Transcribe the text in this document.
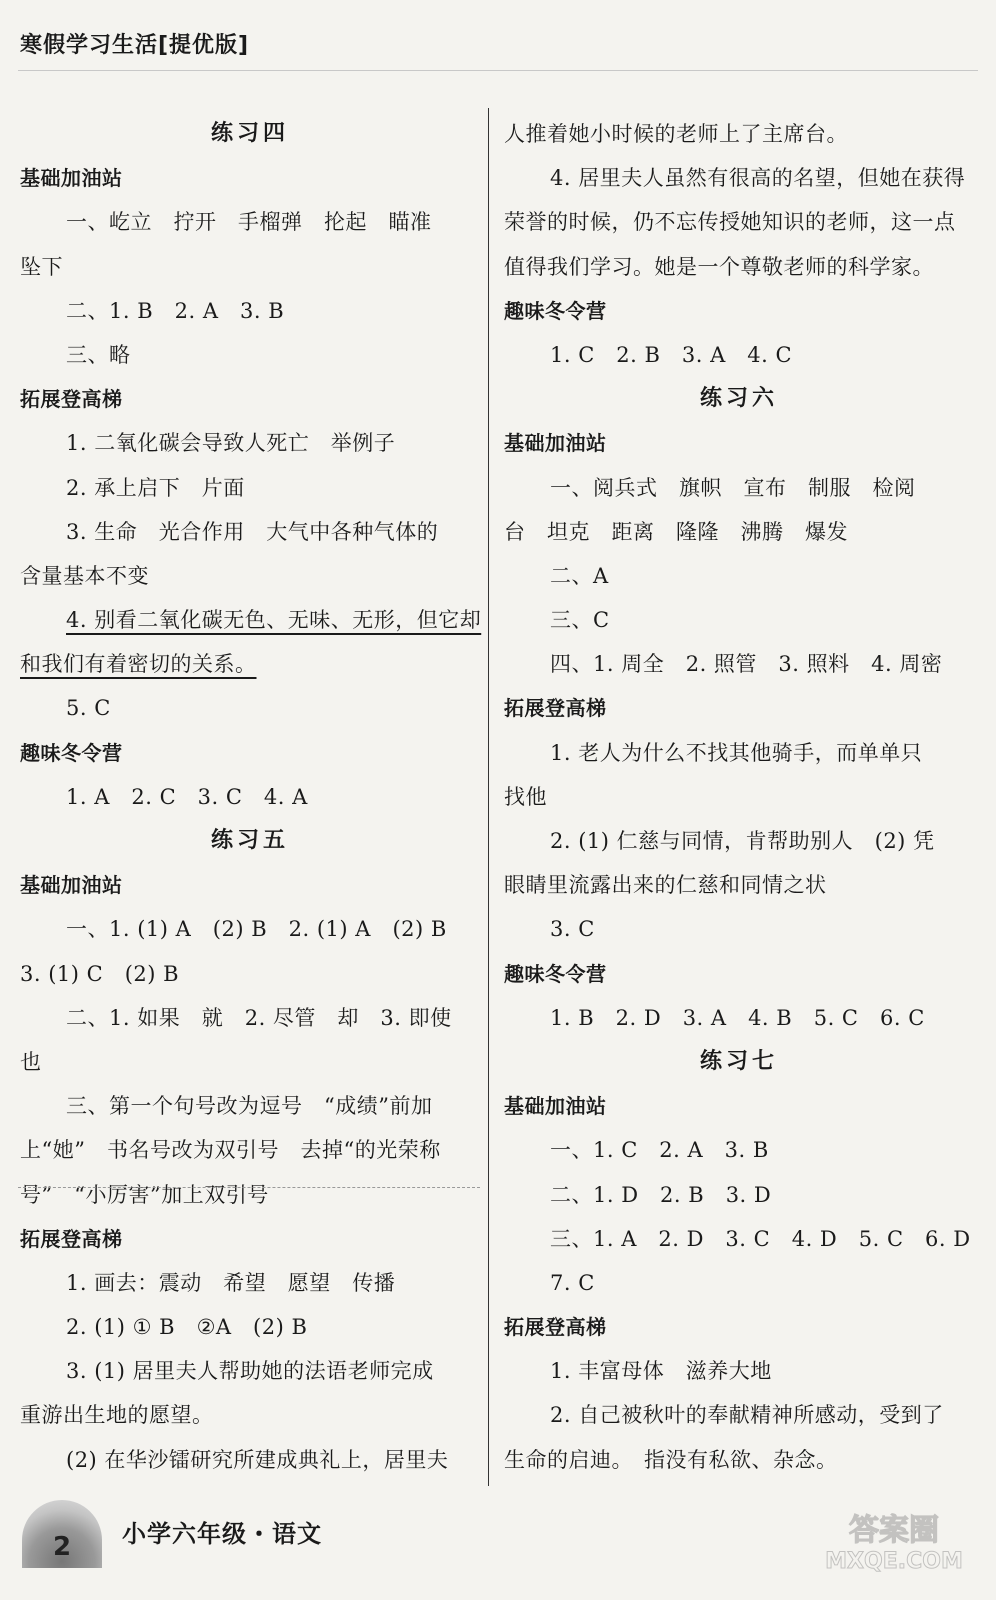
寒假学习生活[提优版]
练习四
基础加油站
一、屹立　拧开　手榴弹　抡起　瞄准
坠下
二、1. B　2. A　3. B
三、略
拓展登高梯
1. 二氧化碳会导致人死亡　举例子
2. 承上启下　片面
3. 生命　光合作用　大气中各种气体的
含量基本不变
4. 别看二氧化碳无色、无味、无形，但它却
和我们有着密切的关系。
5. C
趣味冬令营
1. A　2. C　3. C　4. A
练习五
基础加油站
一、1. (1) A　(2) B　2. (1) A　(2) B
3. (1) C　(2) B
二、1. 如果　就　2. 尽管　却　3. 即使
也
三、第一个句号改为逗号　“成绩”前加
上“她”　书名号改为双引号　去掉“的光荣称
号”　“小厉害”加上双引号
拓展登高梯
1. 画去：震动　希望　愿望　传播
2. (1) ① B　②A　(2) B
3. (1) 居里夫人帮助她的法语老师完成
重游出生地的愿望。
(2) 在华沙镭研究所建成典礼上，居里夫
人推着她小时候的老师上了主席台。
4. 居里夫人虽然有很高的名望，但她在获得
荣誉的时候，仍不忘传授她知识的老师，这一点
值得我们学习。她是一个尊敬老师的科学家。
趣味冬令营
1. C　2. B　3. A　4. C
练习六
基础加油站
一、阅兵式　旗帜　宣布　制服　检阅
台　坦克　距离　隆隆　沸腾　爆发
二、A
三、C
四、1. 周全　2. 照管　3. 照料　4. 周密
拓展登高梯
1. 老人为什么不找其他骑手，而单单只
找他
2. (1) 仁慈与同情，肯帮助别人　(2) 凭
眼睛里流露出来的仁慈和同情之状
3. C
趣味冬令营
1. B　2. D　3. A　4. B　5. C　6. C
练习七
基础加油站
一、1. C　2. A　3. B
二、1. D　2. B　3. D
三、1. A　2. D　3. C　4. D　5. C　6. D
7. C
拓展登高梯
1. 丰富母体　滋养大地
2. 自己被秋叶的奉献精神所感动，受到了
生命的启迪。　指没有私欲、杂念。
2 小学六年级・语文	答案圈
MXQE.COM
